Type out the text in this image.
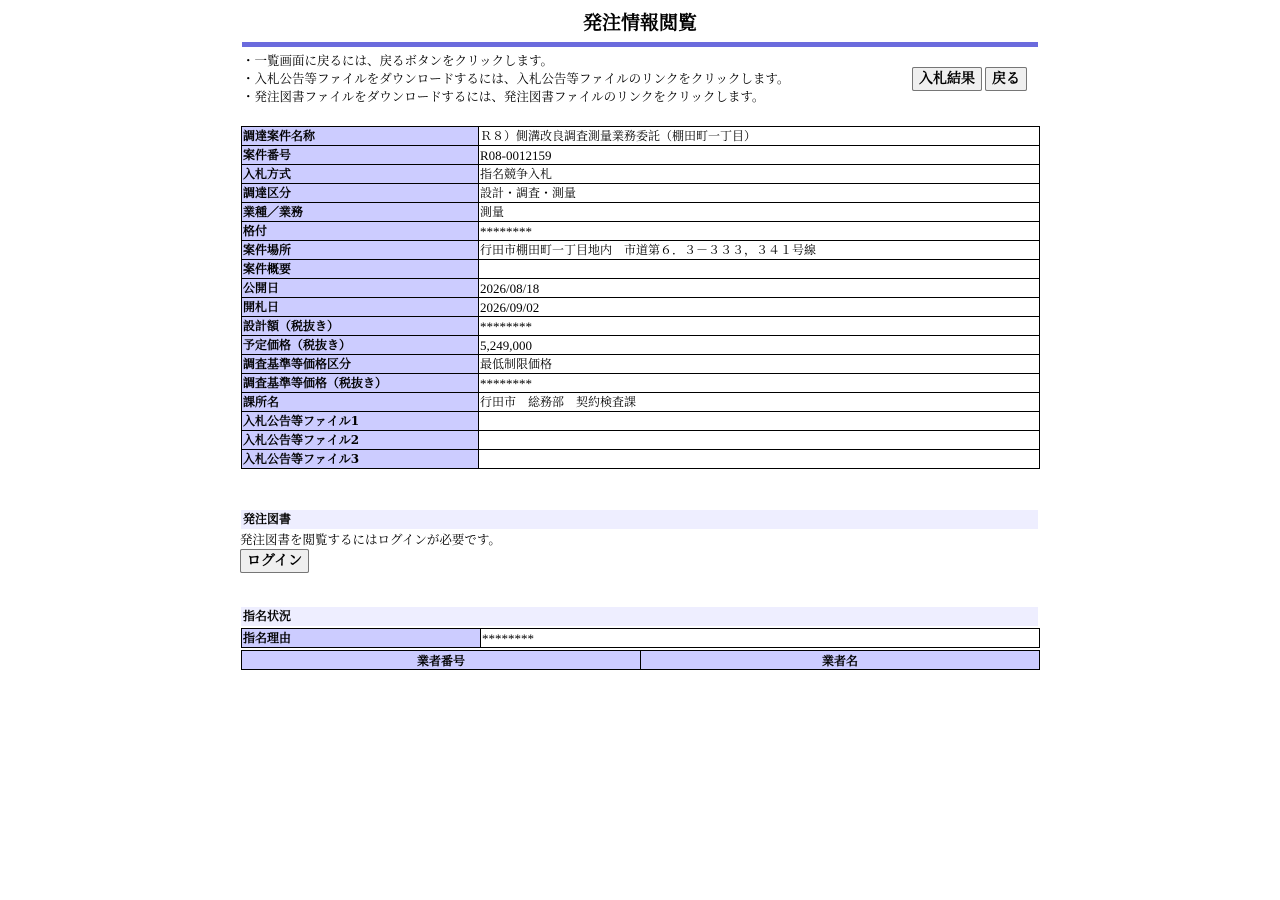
発注情報閲覧
・一覧画面に戻るには、戻るボタンをクリックします。
・入札公告等ファイルをダウンロードするには、入札公告等ファイルのリンクをクリックします。
・発注図書ファイルをダウンロードするには、発注図書ファイルのリンクをクリックします。
入札結果	戻る
調達案件名称	Ｒ８）側溝改良調査測量業務委託（棚田町一丁目）
案件番号	R08-0012159
入札方式	指名競争入札
調達区分	設計・調査・測量
業種／業務	測量
格付	********
案件場所	行田市棚田町一丁目地内　市道第６．３－３３３，３４１号線
案件概要	
公開日	2026/08/18
開札日	2026/09/02
設計額（税抜き）	********
予定価格（税抜き）	5,249,000
調査基準等価格区分	最低制限価格
調査基準等価格（税抜き）	********
課所名	行田市　総務部　契約検査課
入札公告等ファイル1	
入札公告等ファイル2	
入札公告等ファイル3	
発注図書
発注図書を閲覧するにはログインが必要です。
ログイン
指名状況
指名理由	********
業者番号	業者名
